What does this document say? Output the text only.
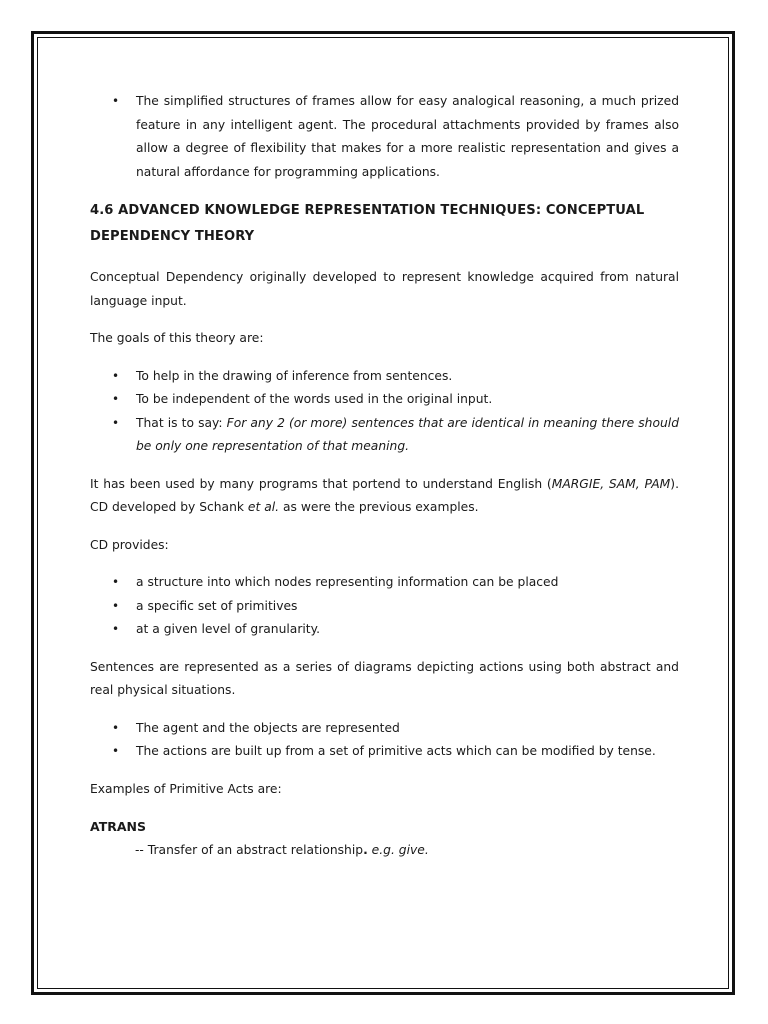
• The simplified structures of frames allow for easy analogical reasoning, a much prized feature in any intelligent agent. The procedural attachments provided by frames also allow a degree of flexibility that makes for a more realistic representation and gives a natural affordance for programming applications.
4.6 ADVANCED KNOWLEDGE REPRESENTATION TECHNIQUES: CONCEPTUAL DEPENDENCY THEORY

Conceptual Dependency originally developed to represent knowledge acquired from natural language input.

The goals of this theory are:

• To help in the drawing of inference from sentences.
• To be independent of the words used in the original input.
• That is to say: For any 2 (or more) sentences that are identical in meaning there should be only one representation of that meaning.

It has been used by many programs that portend to understand English (MARGIE, SAM, PAM). CD developed by Schank et al. as were the previous examples.

CD provides:

• a structure into which nodes representing information can be placed
• a specific set of primitives
• at a given level of granularity.

Sentences are represented as a series of diagrams depicting actions using both abstract and real physical situations.

• The agent and the objects are represented
• The actions are built up from a set of primitive acts which can be modified by tense.

Examples of Primitive Acts are:

ATRANS

-- Transfer of an abstract relationship. e.g. give.
